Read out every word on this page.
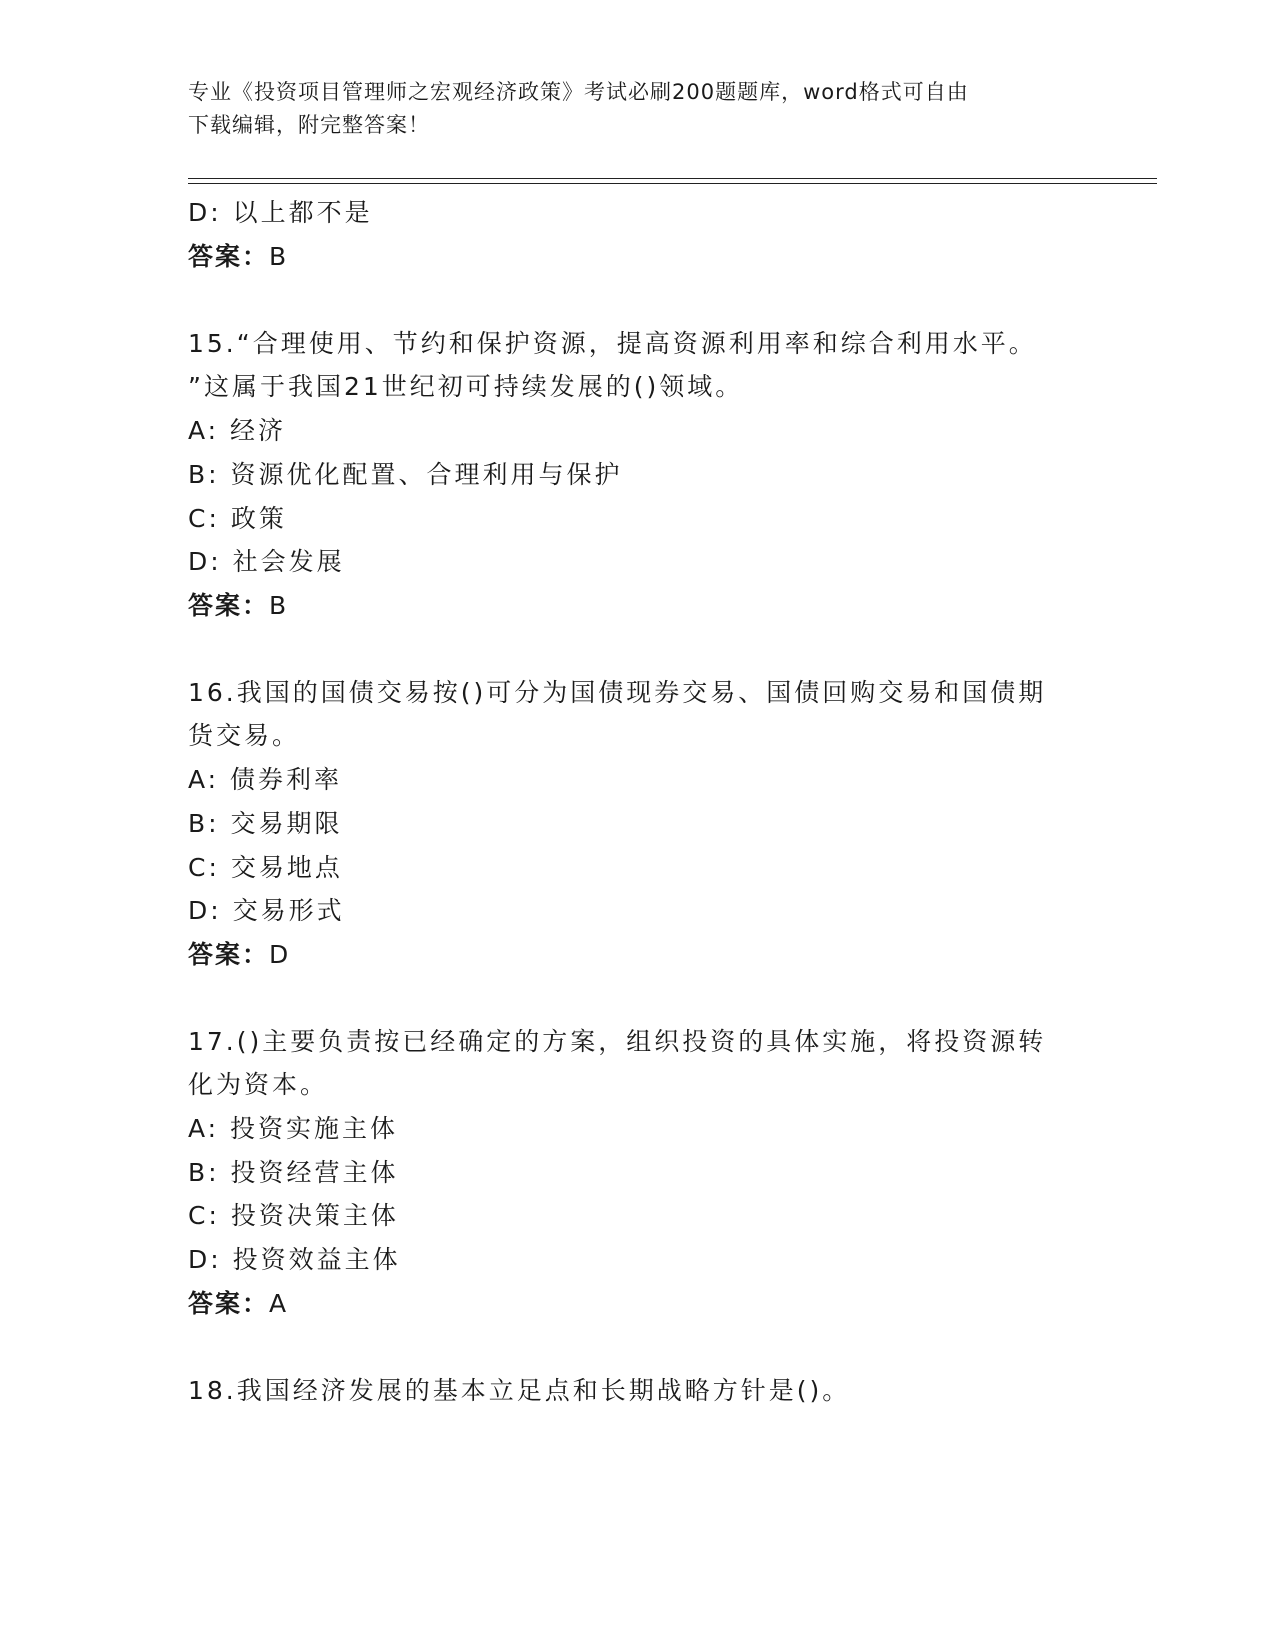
专业《投资项目管理师之宏观经济政策》考试必刷200题题库，word格式可自由
下载编辑，附完整答案！
D: 以上都不是
答案：B
15.“合理使用、节约和保护资源，提高资源利用率和综合利用水平。
”这属于我国21世纪初可持续发展的()领域。
A: 经济
B: 资源优化配置、合理利用与保护
C: 政策
D: 社会发展
答案：B
16.我国的国债交易按()可分为国债现券交易、国债回购交易和国债期
货交易。
A: 债券利率
B: 交易期限
C: 交易地点
D: 交易形式
答案：D
17.()主要负责按已经确定的方案，组织投资的具体实施，将投资源转
化为资本。
A: 投资实施主体
B: 投资经营主体
C: 投资决策主体
D: 投资效益主体
答案：A
18.我国经济发展的基本立足点和长期战略方针是()。
